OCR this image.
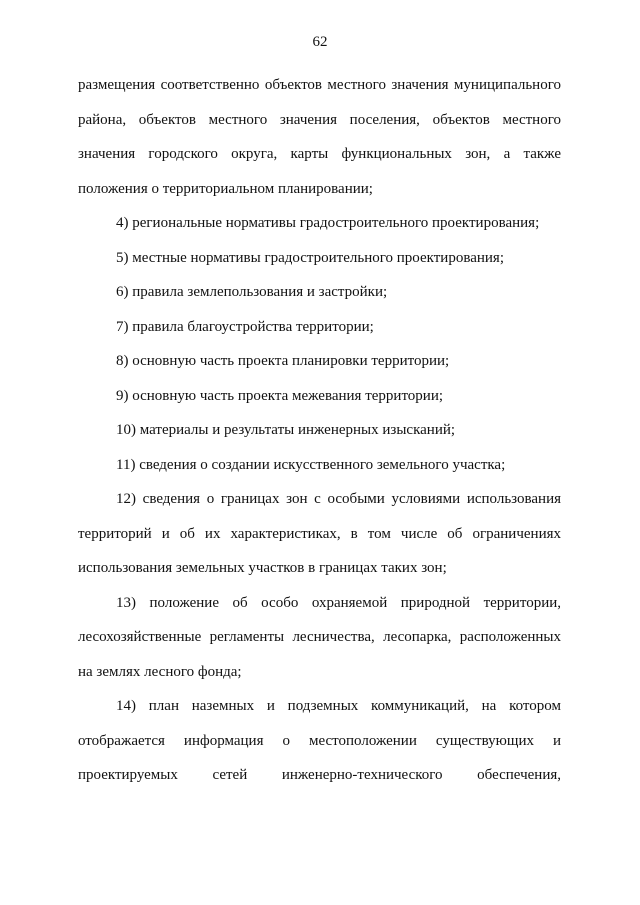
62

размещения соответственно объектов местного значения муниципального района, объектов местного значения поселения, объектов местного значения городского округа, карты функциональных зон, а также положения о территориальном планировании;

4) региональные нормативы градостроительного проектирования;

5) местные нормативы градостроительного проектирования;

6) правила землепользования и застройки;

7) правила благоустройства территории;

8) основную часть проекта планировки территории;

9) основную часть проекта межевания территории;

10) материалы и результаты инженерных изысканий;

11) сведения о создании искусственного земельного участка;

12) сведения о границах зон с особыми условиями использования территорий и об их характеристиках, в том числе об ограничениях использования земельных участков в границах таких зон;

13) положение об особо охраняемой природной территории, лесохозяйственные регламенты лесничества, лесопарка, расположенных на землях лесного фонда;

14) план наземных и подземных коммуникаций, на котором отображается информация о местоположении существующих и проектируемых сетей инженерно-технического обеспечения,
